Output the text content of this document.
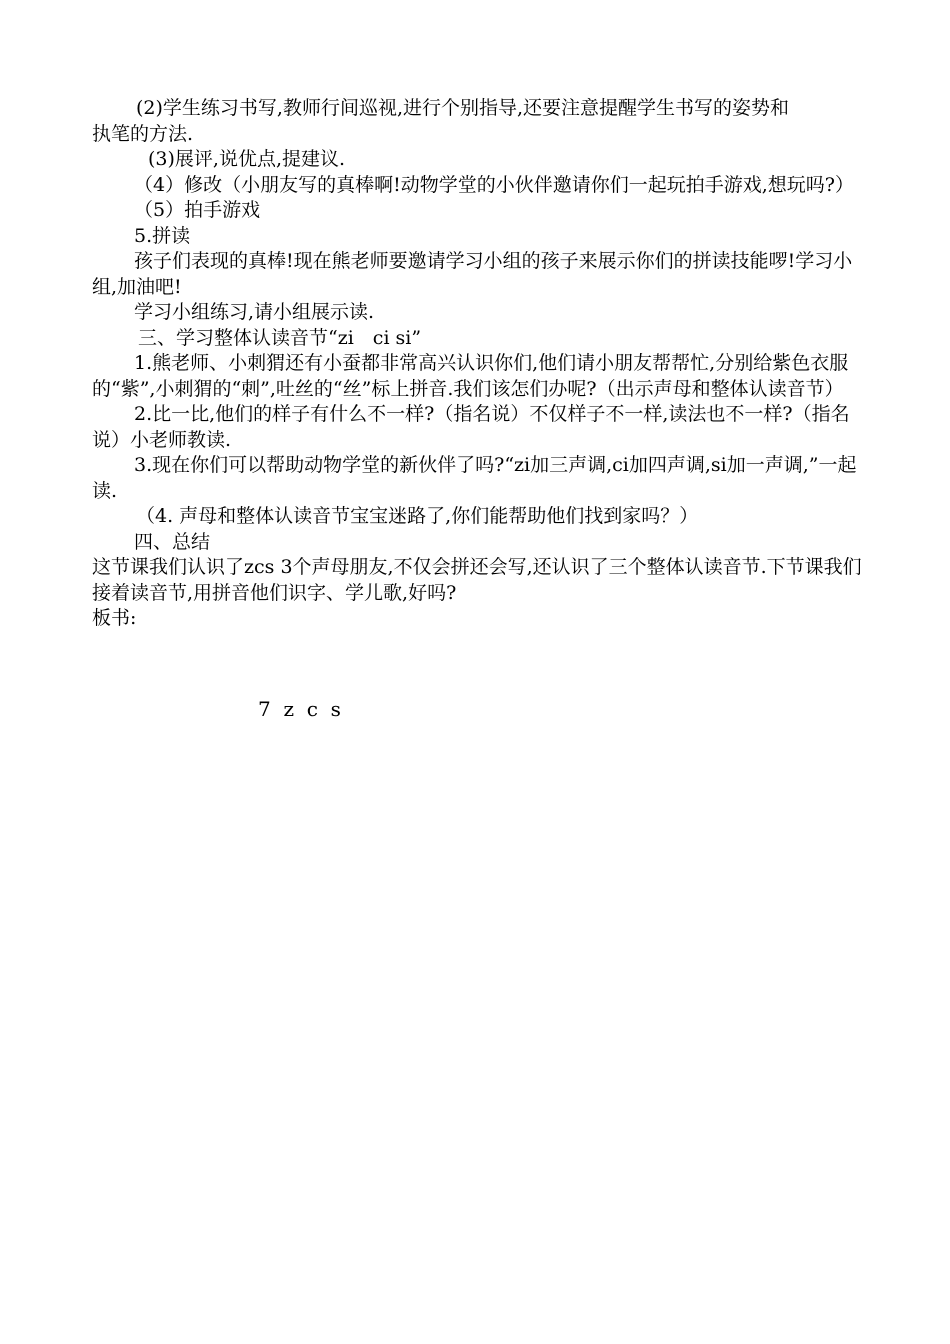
(2)学生练习书写,教师行间巡视,进行个别指导,还要注意提醒学生书写的姿势和执笔的方法.

(3)展评,说优点,提建议.

（4）修改（小朋友写的真棒啊!动物学堂的小伙伴邀请你们一起玩拍手游戏,想玩吗?）

（5）拍手游戏

5.拼读

孩子们表现的真棒!现在熊老师要邀请学习小组的孩子来展示你们的拼读技能啰!学习小组,加油吧!

学习小组练习,请小组展示读.

三、学习整体认读音节“zi　ci si”

1.熊老师、小刺猬还有小蚕都非常高兴认识你们,他们请小朋友帮帮忙,分别给紫色衣服的“紫”,小刺猬的“刺”,吐丝的“丝”标上拼音.我们该怎们办呢?（出示声母和整体认读音节）

2.比一比,他们的样子有什么不一样?（指名说）不仅样子不一样,读法也不一样?（指名说）小老师教读.

3.现在你们可以帮助动物学堂的新伙伴了吗?“zi加三声调,ci加四声调,si加一声调,”一起读.

（4. 声母和整体认读音节宝宝迷路了,你们能帮助他们找到家吗？）

四、总结

这节课我们认识了zcs 3个声母朋友,不仅会拼还会写,还认识了三个整体认读音节.下节课我们接着读音节,用拼音他们识字、学儿歌,好吗?

板书:

7  z  c  s
